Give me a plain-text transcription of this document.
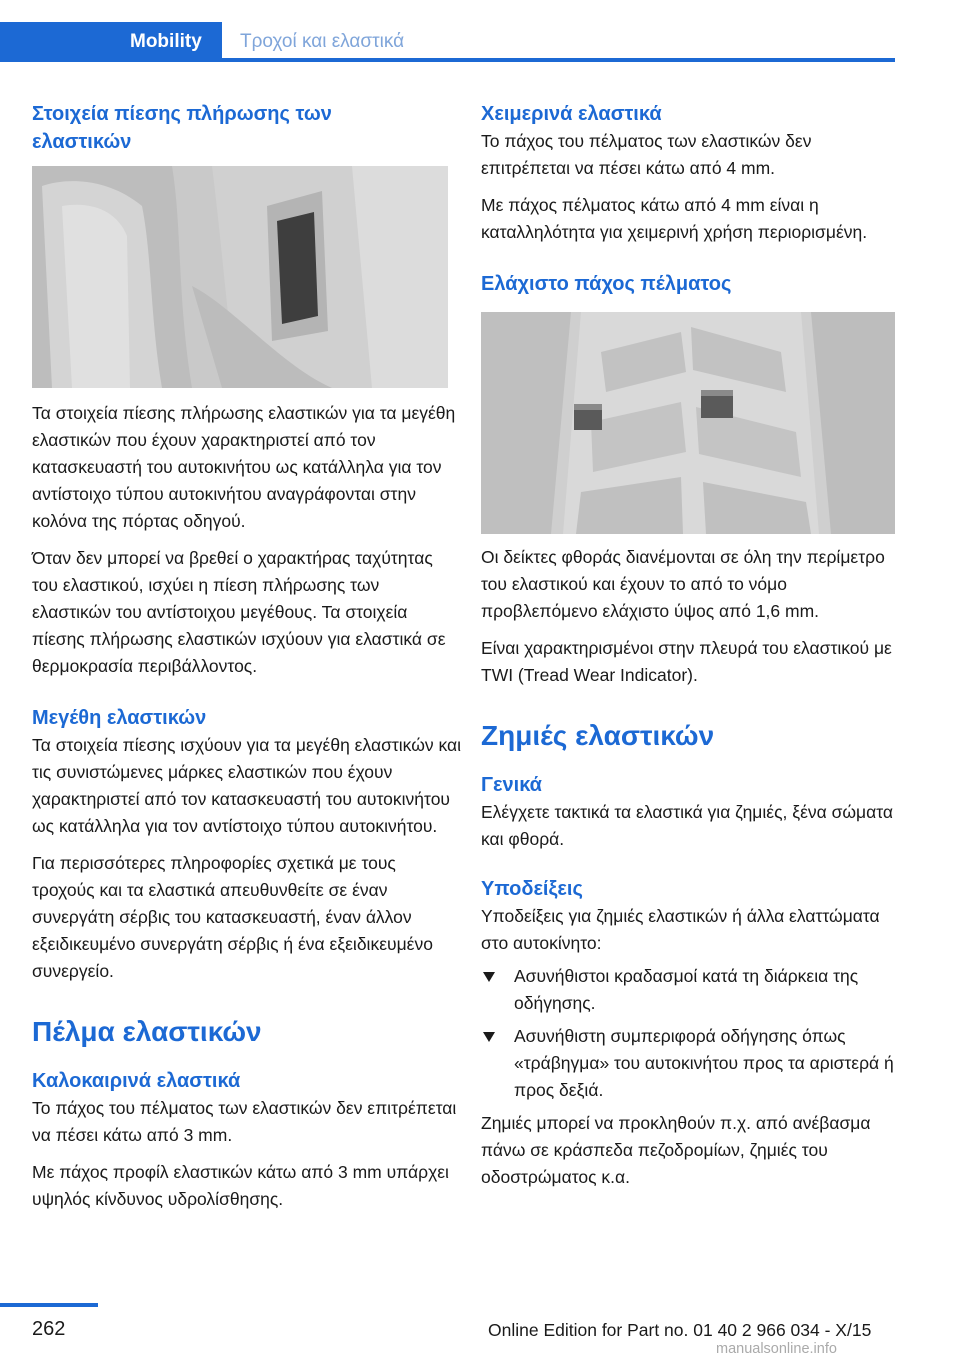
Mobility	Τροχοί και ελαστικά
Στοιχεία πίεσης πλήρωσης των ελαστικών

Τα στοιχεία πίεσης πλήρωσης ελαστικών για τα μεγέθη ελαστικών που έχουν χαρακτηριστεί από τον κατασκευαστή του αυτοκινήτου ως κατάλληλα για τον αντίστοιχο τύπου αυτοκινήτου αναγράφονται στην κολόνα της πόρτας οδηγού.

Όταν δεν μπορεί να βρεθεί ο χαρακτήρας ταχύτητας του ελαστικού, ισχύει η πίεση πλήρωσης των ελαστικών του αντίστοιχου μεγέθους. Τα στοιχεία πίεσης πλήρωσης ελαστικών ισχύουν για ελαστικά σε θερμοκρασία περιβάλλοντος.

Μεγέθη ελαστικών

Τα στοιχεία πίεσης ισχύουν για τα μεγέθη ελαστικών και τις συνιστώμενες μάρκες ελαστικών που έχουν χαρακτηριστεί από τον κατασκευαστή του αυτοκινήτου ως κατάλληλα για τον αντίστοιχο τύπου αυτοκινήτου.

Για περισσότερες πληροφορίες σχετικά με τους τροχούς και τα ελαστικά απευθυνθείτε σε έναν συνεργάτη σέρβις του κατασκευαστή, έναν άλλον εξειδικευμένο συνεργάτη σέρβις ή ένα εξειδικευμένο συνεργείο.

Πέλμα ελαστικών
Καλοκαιρινά ελαστικά

Το πάχος του πέλματος των ελαστικών δεν επιτρέπεται να πέσει κάτω από 3 mm.

Με πάχος προφίλ ελαστικών κάτω από 3 mm υπάρχει υψηλός κίνδυνος υδρολίσθησης.

Χειμερινά ελαστικά

Το πάχος του πέλματος των ελαστικών δεν επιτρέπεται να πέσει κάτω από 4 mm.

Με πάχος πέλματος κάτω από 4 mm είναι η καταλληλότητα για χειμερινή χρήση περιορισμένη.

Ελάχιστο πάχος πέλματος

Οι δείκτες φθοράς διανέμονται σε όλη την περίμετρο του ελαστικού και έχουν το από το νόμο προβλεπόμενο ελάχιστο ύψος από 1,6 mm.

Είναι χαρακτηρισμένοι στην πλευρά του ελαστικού με TWI (Tread Wear Indicator).

Ζημιές ελαστικών
Γενικά

Ελέγχετε τακτικά τα ελαστικά για ζημιές, ξένα σώματα και φθορά.

Υποδείξεις

Υποδείξεις για ζημιές ελαστικών ή άλλα ελαττώματα στο αυτοκίνητο:

Ασυνήθιστοι κραδασμοί κατά τη διάρκεια της οδήγησης.
Ασυνήθιστη συμπεριφορά οδήγησης όπως «τράβηγμα» του αυτοκινήτου προς τα αριστερά ή προς δεξιά.

Ζημιές μπορεί να προκληθούν π.χ. από ανέβασμα πάνω σε κράσπεδα πεζοδρομίων, ζημιές του οδοστρώματος κ.α.

262	Online Edition for Part no. 01 40 2 966 034 - X/15
manualsonline.info
